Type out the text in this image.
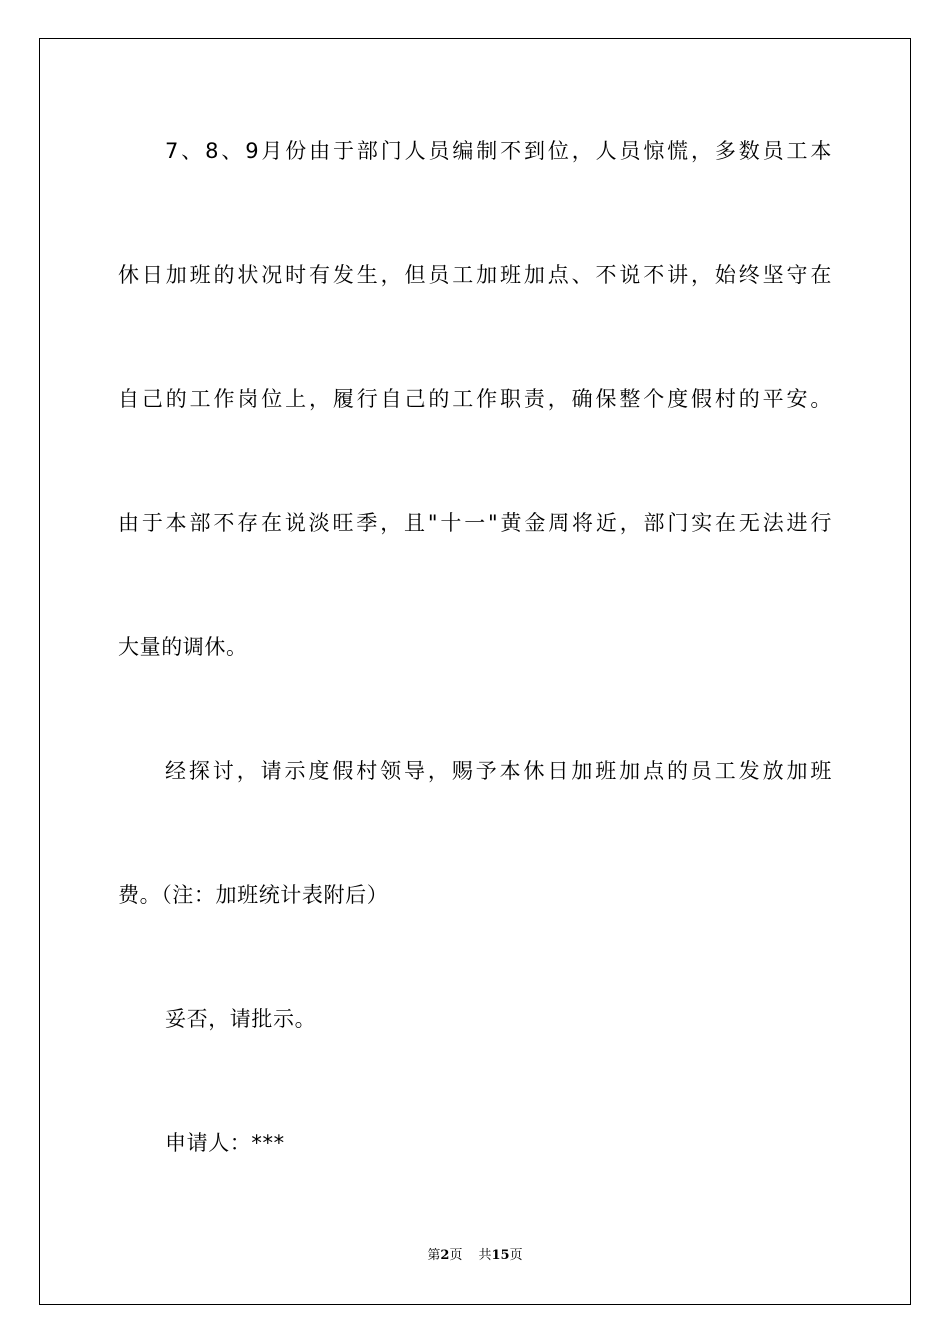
7、8、9月份由于部门人员编制不到位，人员惊慌，多数员工本
休日加班的状况时有发生，但员工加班加点、不说不讲，始终坚守在
自己的工作岗位上，履行自己的工作职责，确保整个度假村的平安。
由于本部不存在说淡旺季，且"十一"黄金周将近，部门实在无法进行
大量的调休。
经探讨，请示度假村领导，赐予本休日加班加点的员工发放加班
费。（注：加班统计表附后）
妥否，请批示。
申请人：***
第2页 共15页
